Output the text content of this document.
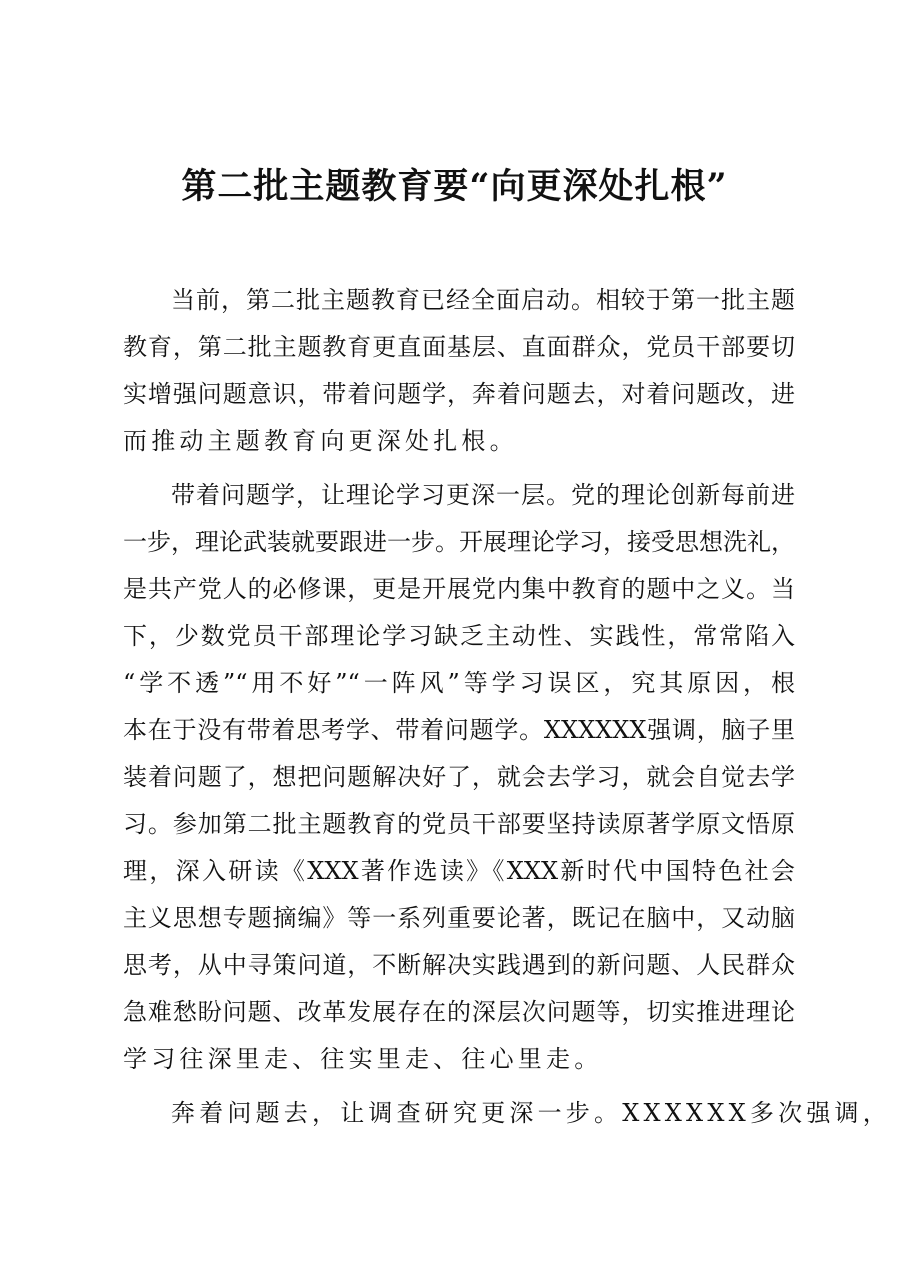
第二批主题教育要“向更深处扎根”
当前，第二批主题教育已经全面启动。相较于第一批主题
教育，第二批主题教育更直面基层、直面群众，党员干部要切
实增强问题意识，带着问题学，奔着问题去，对着问题改，进
而推动主题教育向更深处扎根。
带着问题学，让理论学习更深一层。党的理论创新每前进
一步，理论武装就要跟进一步。开展理论学习，接受思想洗礼，
是共产党人的必修课，更是开展党内集中教育的题中之义。当
下，少数党员干部理论学习缺乏主动性、实践性，常常陷入
“学不透”“用不好”“一阵风”等学习误区，究其原因，根
本在于没有带着思考学、带着问题学。XXXXXX强调，脑子里
装着问题了，想把问题解决好了，就会去学习，就会自觉去学
习。参加第二批主题教育的党员干部要坚持读原著学原文悟原
理，深入研读《XXX著作选读》《XXX新时代中国特色社会
主义思想专题摘编》等一系列重要论著，既记在脑中，又动脑
思考，从中寻策问道，不断解决实践遇到的新问题、人民群众
急难愁盼问题、改革发展存在的深层次问题等，切实推进理论
学习往深里走、往实里走、往心里走。
奔着问题去，让调查研究更深一步。XXXXXX多次强调，
